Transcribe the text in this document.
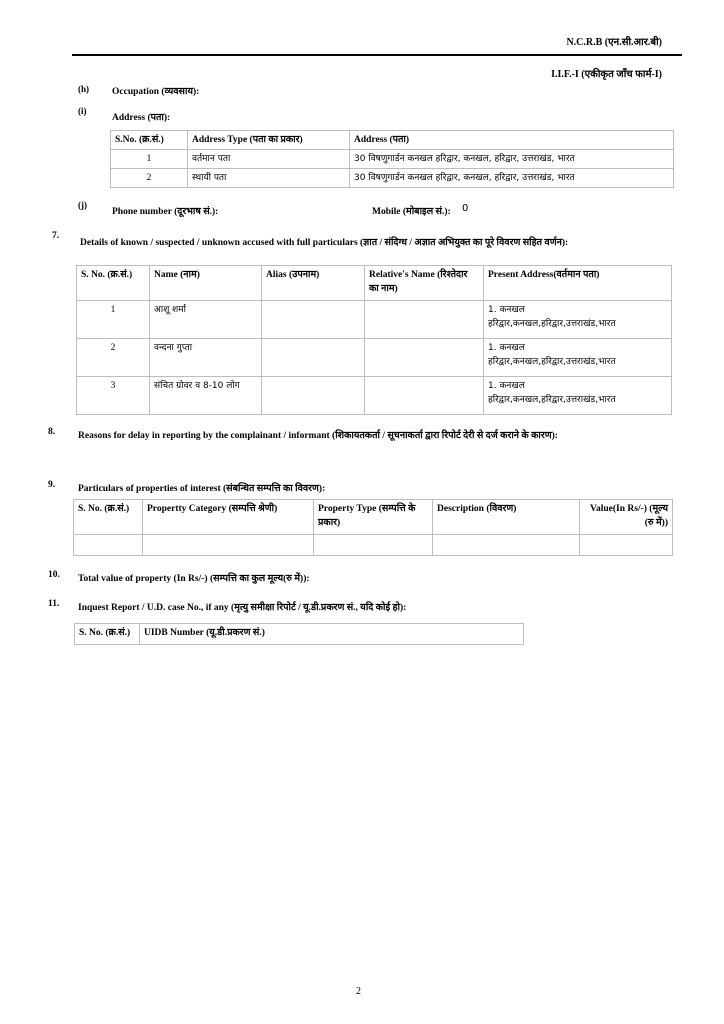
N.C.R.B (एन.सी.आर.बी)
I.I.F.-I (एकीकृत जाँच फार्म-I)
(h) Occupation (व्यवसाय):
(i)
Address (पता):
S.No. (क्र.सं.)	Address Type (पता का प्रकार)	Address (पता)
1	वर्तमान पता	30 विषणुगार्डन कनखल हरिद्वार, कनखल, हरिद्वार, उत्तराखंड, भारत
2	स्थायी पता	30 विषणुगार्डन कनखल हरिद्वार, कनखल, हरिद्वार, उत्तराखंड, भारत
(j)
Phone number (दूरभाष सं.):	Mobile (मोबाइल सं.): 0
7.
Details of known / suspected / unknown accused with full particulars (ज्ञात / संदिग्ध / अज्ञात अभियुक्त का पूरे विवरण सहित वर्णन):
S. No. (क्र.सं.)	Name (नाम)	Alias (उपनाम)	Relative's Name (रिश्तेदार का नाम)	Present Address(वर्तमान पता)
1	आशू शर्मा			1. कनखल
हरिद्वार,कनखल,हरिद्वार,उत्तराखंड,भारत
2	वन्दना गुप्ता			1. कनखल
हरिद्वार,कनखल,हरिद्वार,उत्तराखंड,भारत
3	संचित ग्रोवर व 8-10 लोग			1. कनखल
हरिद्वार,कनखल,हरिद्वार,उत्तराखंड,भारत
8. Reasons for delay in reporting by the complainant / informant (शिकायतकर्ता / सूचनाकर्ता द्वारा रिपोर्ट देरी से दर्ज कराने के कारण):
9. Particulars of properties of interest (संबन्धित सम्पत्ति का विवरण):
S. No. (क्र.सं.)	Propertty Category (सम्पत्ति श्रेणी)	Property Type (सम्पत्ति के प्रकार)	Description (विवरण)	Value(In Rs/-) (मूल्य (रु में))

10. Total value of property (In Rs/-) (सम्पत्ति का कुल मूल्य(रु में)):
11. Inquest Report / U.D. case No., if any (मृत्यु समीक्षा रिपोर्ट / यू.डी.प्रकरण सं., यदि कोई हो):
S. No. (क्र.सं.)	UIDB Number (यू.डी.प्रकरण सं.)
2
